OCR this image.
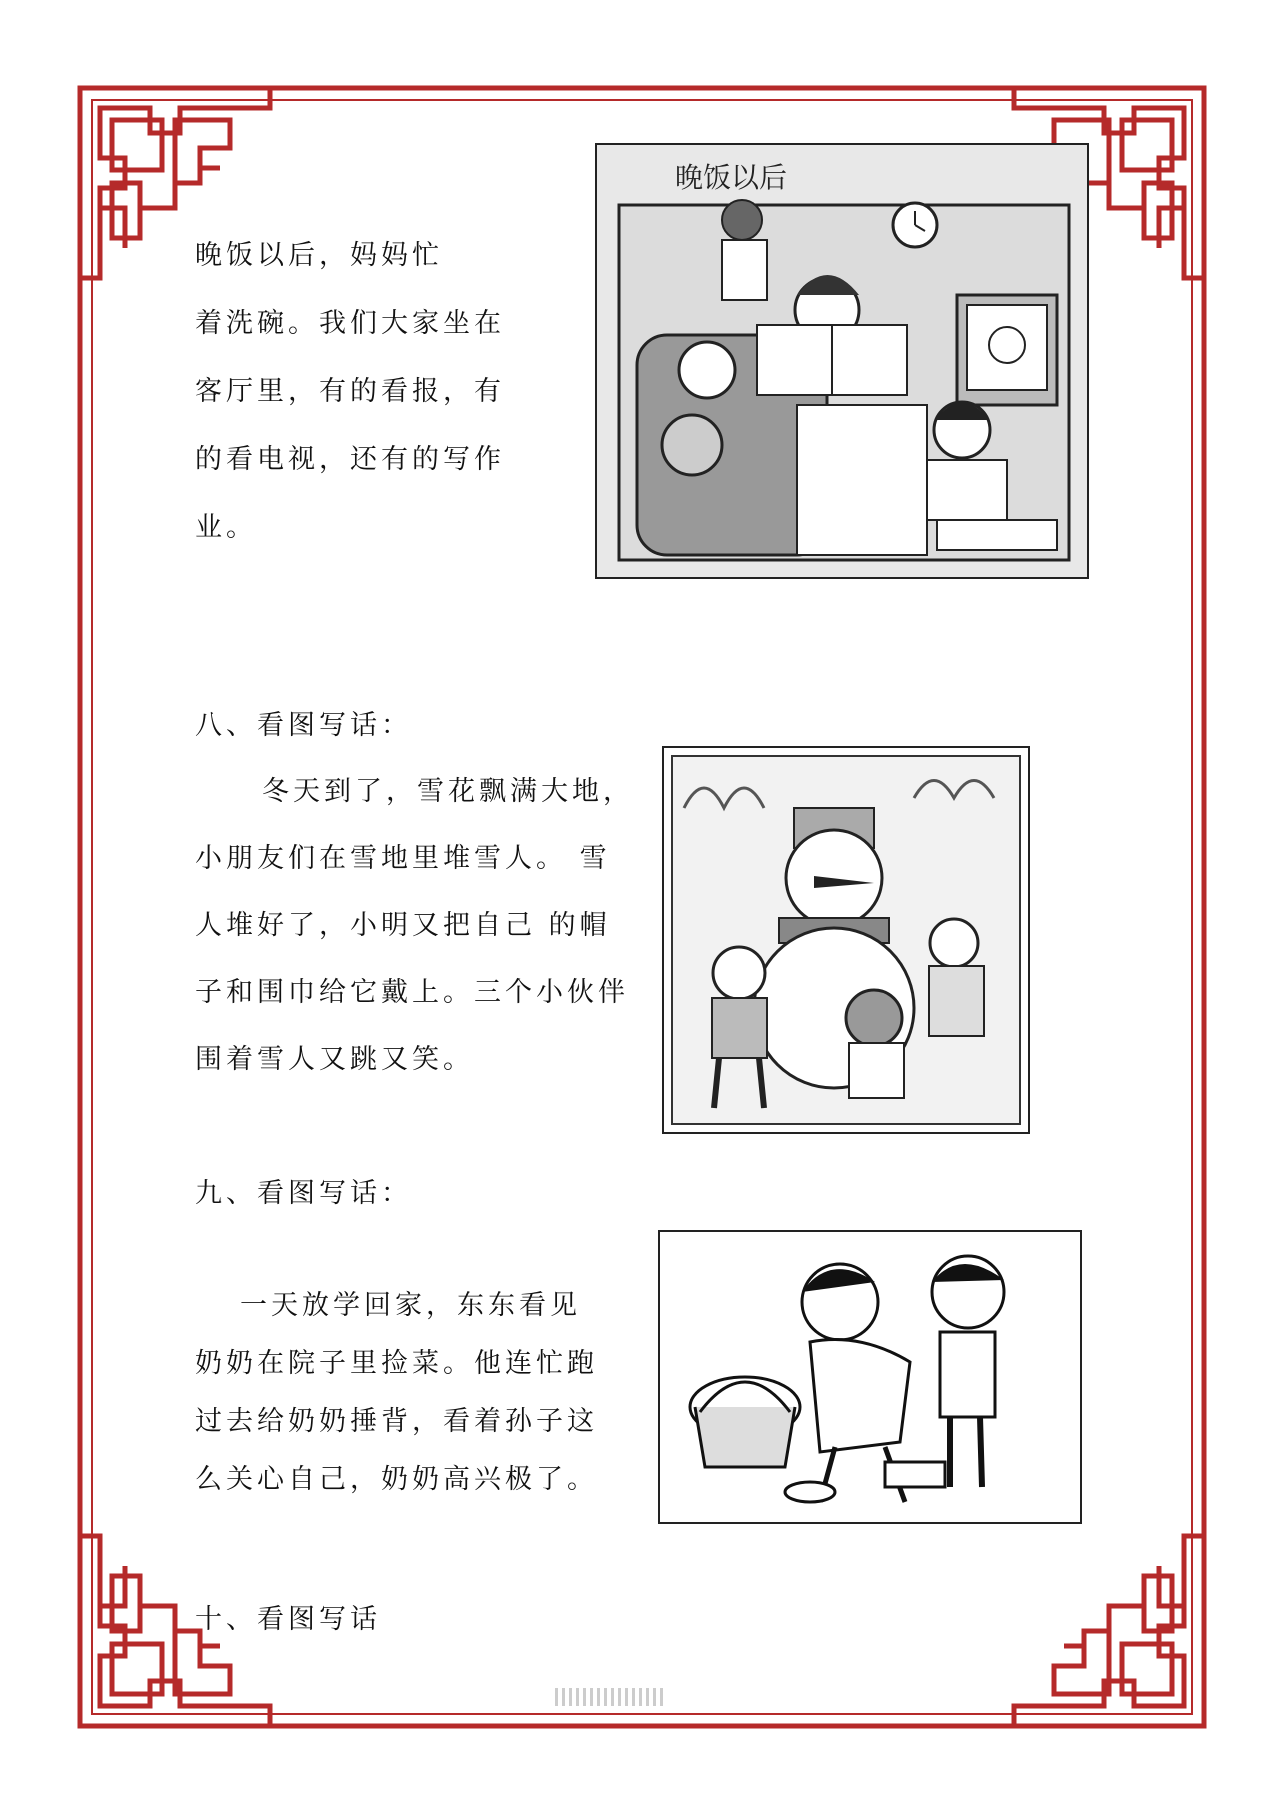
晚饭以后，妈妈忙
着洗碗。我们大家坐在
客厅里，有的看报，有
的看电视，还有的写作
业。
晚饭以后
八、看图写话：
冬天到了，雪花飘满大地，
小朋友们在雪地里堆雪人。 雪
人堆好了，小明又把自己 的帽
子和围巾给它戴上。三个小伙伴
围着雪人又跳又笑。
九、看图写话：
一天放学回家，东东看见
奶奶在院子里捡菜。他连忙跑
过去给奶奶捶背，看着孙子这
么关心自己，奶奶高兴极了。
十、看图写话
